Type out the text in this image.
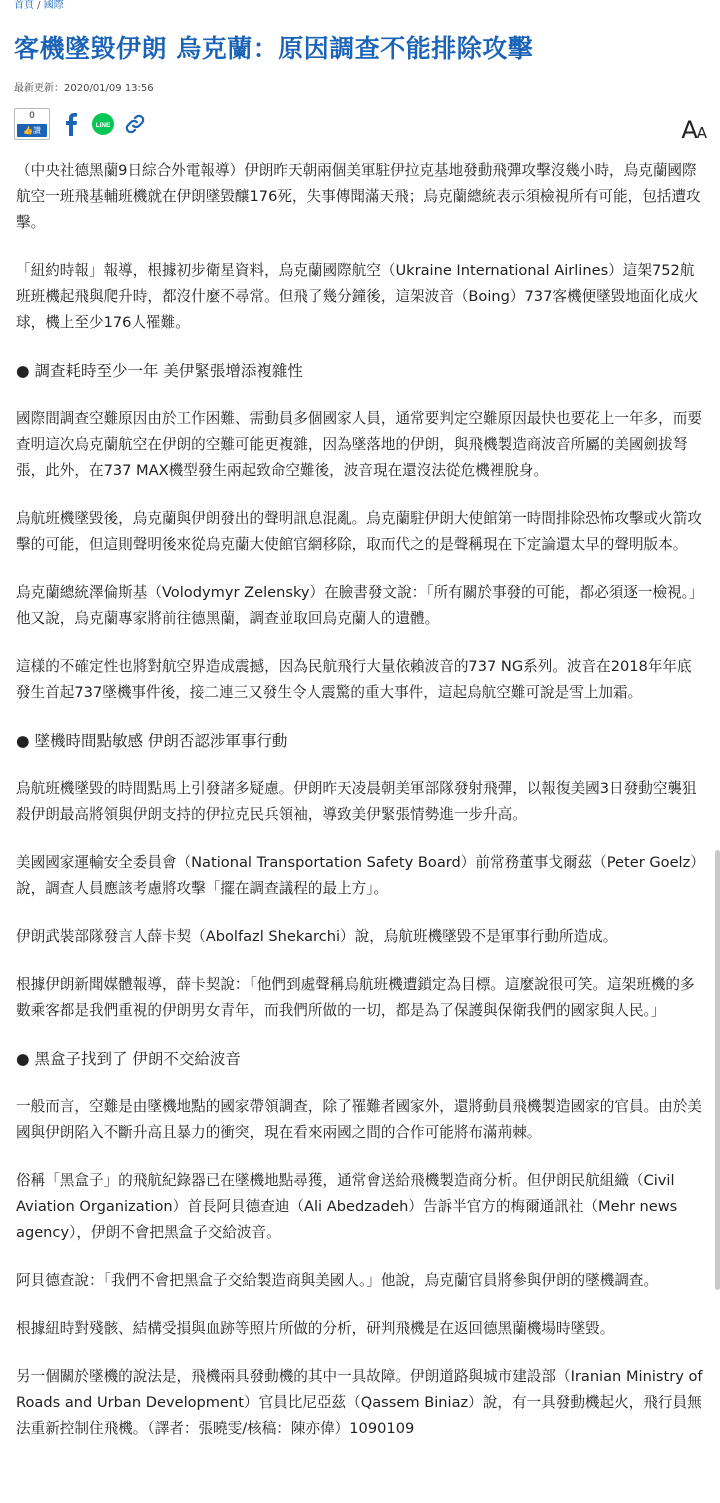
首頁 / 國際
客機墜毀伊朗 烏克蘭：原因調查不能排除攻擊
最新更新：2020/01/09 13:56
0
👍讚
LINE	AA

（中央社德黑蘭9日綜合外電報導）伊朗昨天朝兩個美軍駐伊拉克基地發動飛彈攻擊沒幾小時，烏克蘭國際航空一班飛基輔班機就在伊朗墜毀釀176死，失事傳聞滿天飛；烏克蘭總統表示須檢視所有可能，包括遭攻擊。

「紐約時報」報導，根據初步衛星資料，烏克蘭國際航空（Ukraine International Airlines）這架752航班班機起飛與爬升時，都沒什麼不尋常。但飛了幾分鐘後，這架波音（Boing）737客機便墜毀地面化成火球，機上至少176人罹難。

● 調查耗時至少一年 美伊緊張增添複雜性

國際間調查空難原因由於工作困難、需動員多個國家人員，通常要判定空難原因最快也要花上一年多，而要查明這次烏克蘭航空在伊朗的空難可能更複雜，因為墜落地的伊朗，與飛機製造商波音所屬的美國劍拔弩張，此外，在737 MAX機型發生兩起致命空難後，波音現在還沒法從危機裡脫身。

烏航班機墜毀後，烏克蘭與伊朗發出的聲明訊息混亂。烏克蘭駐伊朗大使館第一時間排除恐怖攻擊或火箭攻擊的可能，但這則聲明後來從烏克蘭大使館官網移除，取而代之的是聲稱現在下定論還太早的聲明版本。

烏克蘭總統澤倫斯基（Volodymyr Zelensky）在臉書發文說：「所有關於事發的可能，都必須逐一檢視。」他又說，烏克蘭專家將前往德黑蘭，調查並取回烏克蘭人的遺體。

這樣的不確定性也將對航空界造成震撼，因為民航飛行大量依賴波音的737 NG系列。波音在2018年年底發生首起737墜機事件後，接二連三又發生令人震驚的重大事件，這起烏航空難可說是雪上加霜。

● 墜機時間點敏感 伊朗否認涉軍事行動

烏航班機墜毀的時間點馬上引發諸多疑慮。伊朗昨天凌晨朝美軍部隊發射飛彈，以報復美國3日發動空襲狙殺伊朗最高將領與伊朗支持的伊拉克民兵領袖，導致美伊緊張情勢進一步升高。

美國國家運輸安全委員會（National Transportation Safety Board）前常務董事戈爾茲（Peter Goelz）說，調查人員應該考慮將攻擊「擺在調查議程的最上方」。

伊朗武裝部隊發言人薛卡契（Abolfazl Shekarchi）說，烏航班機墜毀不是軍事行動所造成。

根據伊朗新聞媒體報導，薛卡契說：「他們到處聲稱烏航班機遭鎖定為目標。這麼說很可笑。這架班機的多數乘客都是我們重視的伊朗男女青年，而我們所做的一切，都是為了保護與保衛我們的國家與人民。」

● 黑盒子找到了 伊朗不交給波音

一般而言，空難是由墜機地點的國家帶領調查，除了罹難者國家外，還將動員飛機製造國家的官員。由於美國與伊朗陷入不斷升高且暴力的衝突，現在看來兩國之間的合作可能將布滿荊棘。

俗稱「黑盒子」的飛航紀錄器已在墜機地點尋獲，通常會送給飛機製造商分析。但伊朗民航組織（Civil Aviation Organization）首長阿貝德查迪（Ali Abedzadeh）告訴半官方的梅爾通訊社（Mehr news agency），伊朗不會把黑盒子交給波音。

阿貝德查說：「我們不會把黑盒子交給製造商與美國人。」他說，烏克蘭官員將參與伊朗的墜機調查。

根據紐時對殘骸、結構受損與血跡等照片所做的分析，研判飛機是在返回德黑蘭機場時墜毀。

另一個關於墜機的說法是，飛機兩具發動機的其中一具故障。伊朗道路與城市建設部（Iranian Ministry of Roads and Urban Development）官員比尼亞茲（Qassem Biniaz）說，有一具發動機起火，飛行員無法重新控制住飛機。（譯者：張曉雯/核稿：陳亦偉）1090109
